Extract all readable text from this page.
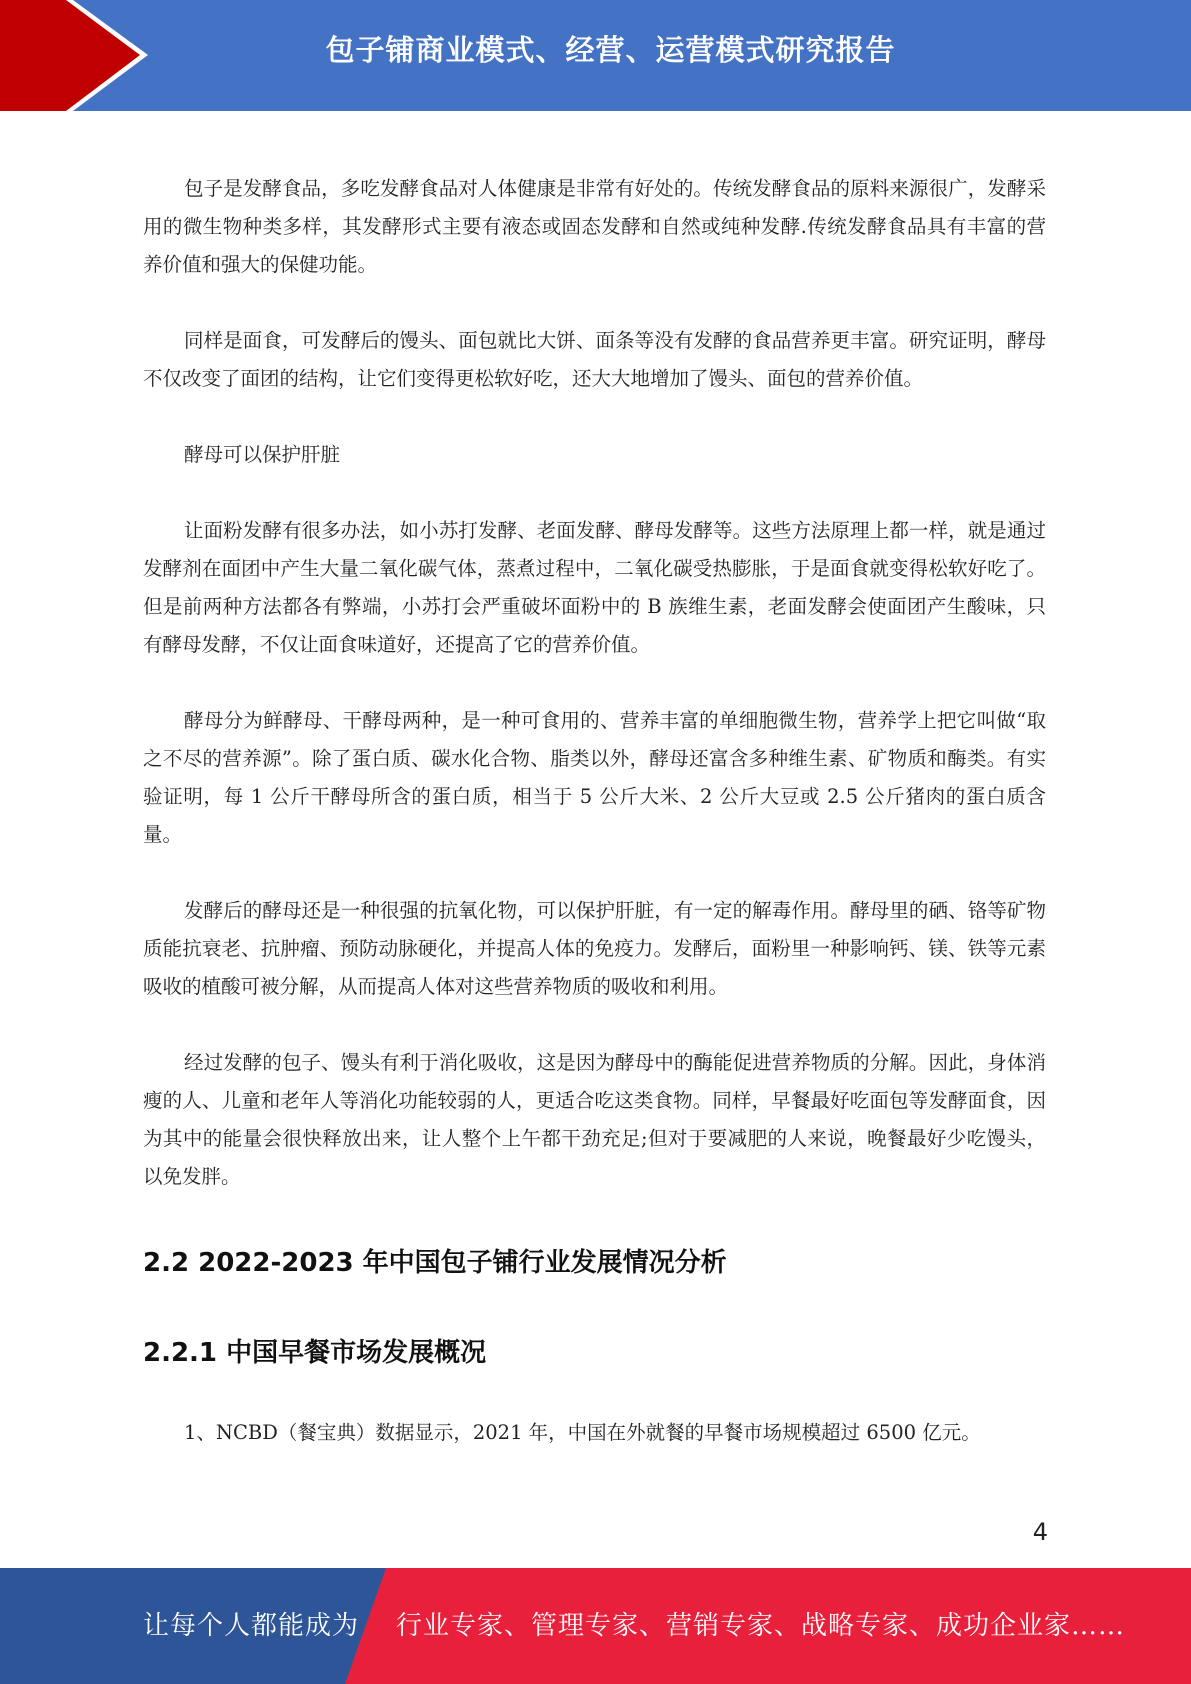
包子铺商业模式、经营、运营模式研究报告

包子是发酵食品，多吃发酵食品对人体健康是非常有好处的。传统发酵食品的原料来源很广，发酵采用的微生物种类多样，其发酵形式主要有液态或固态发酵和自然或纯种发酵.传统发酵食品具有丰富的营养价值和强大的保健功能。

同样是面食，可发酵后的馒头、面包就比大饼、面条等没有发酵的食品营养更丰富。研究证明，酵母不仅改变了面团的结构，让它们变得更松软好吃，还大大地增加了馒头、面包的营养价值。

酵母可以保护肝脏

让面粉发酵有很多办法，如小苏打发酵、老面发酵、酵母发酵等。这些方法原理上都一样，就是通过发酵剂在面团中产生大量二氧化碳气体，蒸煮过程中，二氧化碳受热膨胀，于是面食就变得松软好吃了。但是前两种方法都各有弊端，小苏打会严重破坏面粉中的 B 族维生素，老面发酵会使面团产生酸味，只有酵母发酵，不仅让面食味道好，还提高了它的营养价值。

酵母分为鲜酵母、干酵母两种，是一种可食用的、营养丰富的单细胞微生物，营养学上把它叫做“取之不尽的营养源”。除了蛋白质、碳水化合物、脂类以外，酵母还富含多种维生素、矿物质和酶类。有实验证明，每 1 公斤干酵母所含的蛋白质，相当于 5 公斤大米、2 公斤大豆或 2.5 公斤猪肉的蛋白质含量。

发酵后的酵母还是一种很强的抗氧化物，可以保护肝脏，有一定的解毒作用。酵母里的硒、铬等矿物质能抗衰老、抗肿瘤、预防动脉硬化，并提高人体的免疫力。发酵后，面粉里一种影响钙、镁、铁等元素吸收的植酸可被分解，从而提高人体对这些营养物质的吸收和利用。

经过发酵的包子、馒头有利于消化吸收，这是因为酵母中的酶能促进营养物质的分解。因此，身体消瘦的人、儿童和老年人等消化功能较弱的人，更适合吃这类食物。同样，早餐最好吃面包等发酵面食，因为其中的能量会很快释放出来，让人整个上午都干劲充足;但对于要减肥的人来说，晚餐最好少吃馒头，以免发胖。

2.2 2022-2023 年中国包子铺行业发展情况分析
2.2.1 中国早餐市场发展概况

1、NCBD（餐宝典）数据显示，2021 年，中国在外就餐的早餐市场规模超过 6500 亿元。

4
让每个人都能成为 行业专家、管理专家、营销专家、战略专家、成功企业家……
